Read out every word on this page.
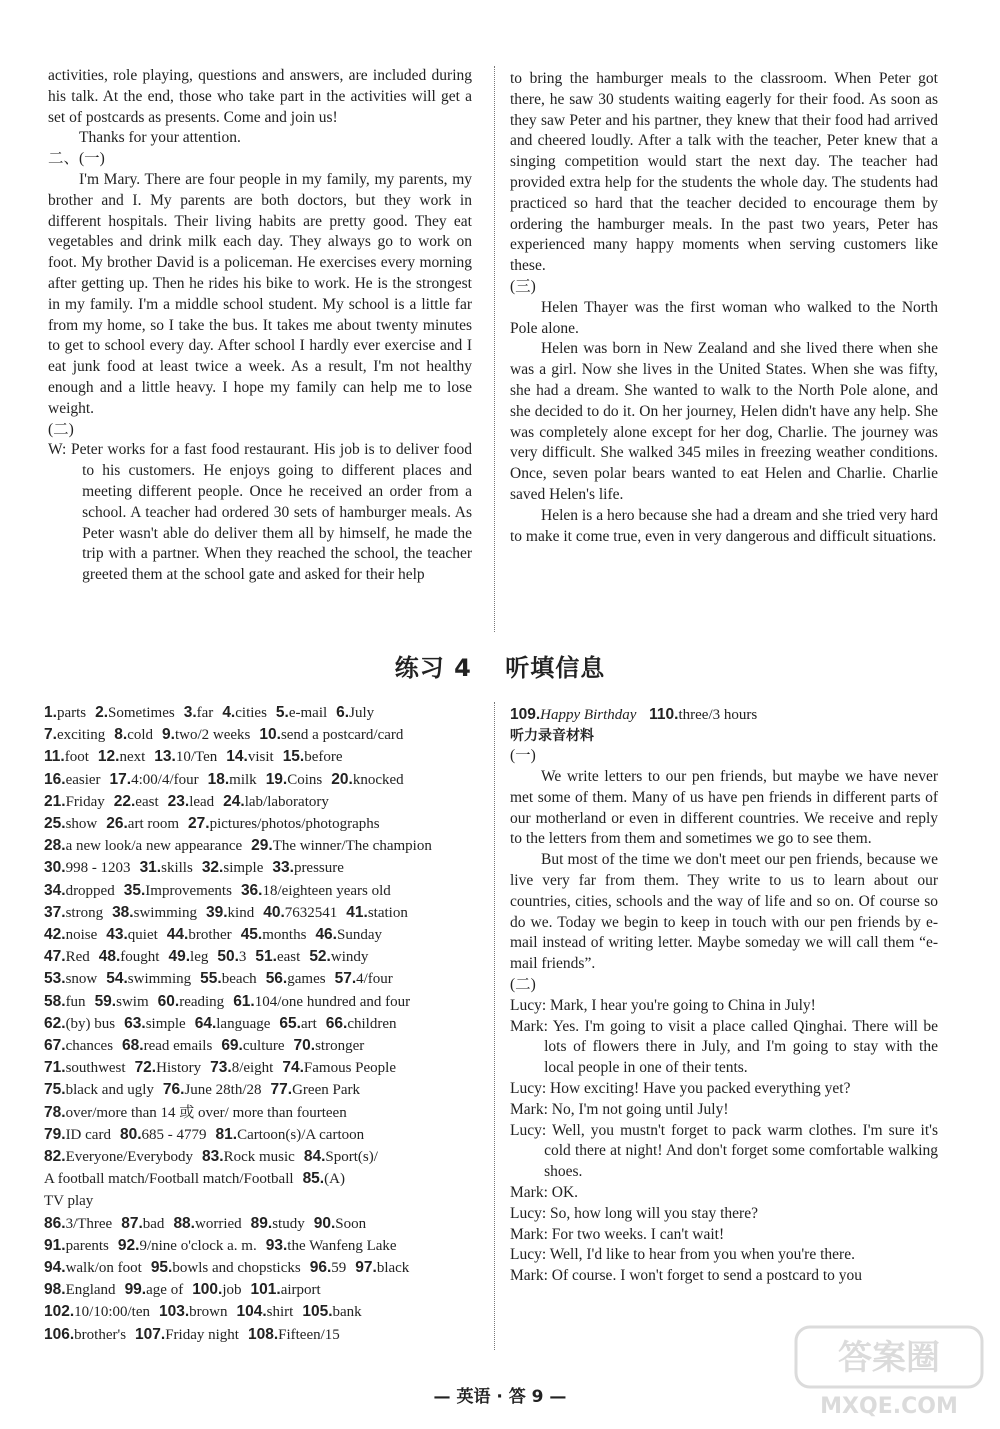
activities, role playing, questions and answers, are included during his talk. At the end, those who take part in the activities will get a set of postcards as presents. Come and join us!

Thanks for your attention.

二、(一)

I'm Mary. There are four people in my family, my parents, my brother and I. My parents are both doctors, but they work in different hospitals. Their living habits are pretty good. They eat vegetables and drink milk each day. They always go to work on foot. My brother David is a policeman. He exercises every morning after getting up. Then he rides his bike to work. He is the strongest in my family. I'm a middle school student. My school is a little far from my home, so I take the bus. It takes me about twenty minutes to get to school every day. After school I hardly ever exercise and I eat junk food at least twice a week. As a result, I'm not healthy enough and a little heavy. I hope my family can help me to lose weight.

(二)

W: Peter works for a fast food restaurant. His job is to deliver food to his customers. He enjoys going to different places and meeting different people. Once he received an order from a school. A teacher had ordered 30 sets of hamburger meals. As Peter wasn't able do deliver them all by himself, he made the trip with a partner. When they reached the school, the teacher greeted them at the school gate and asked for their help

to bring the hamburger meals to the classroom. When Peter got there, he saw 30 students waiting eagerly for their food. As soon as they saw Peter and his partner, they knew that their food had arrived and cheered loudly. After a talk with the teacher, Peter knew that a singing competition would start the next day. The teacher had provided extra help for the students the whole day. The students had practiced so hard that the teacher decided to encourage them by ordering the hamburger meals. In the past two years, Peter has experienced many happy moments when serving customers like these.

(三)

Helen Thayer was the first woman who walked to the North Pole alone.

Helen was born in New Zealand and she lived there when she was a girl. Now she lives in the United States. When she was fifty, she had a dream. She wanted to walk to the North Pole alone, and she decided to do it. On her journey, Helen didn't have any help. She was completely alone except for her dog, Charlie. The journey was very difficult. She walked 345 miles in freezing weather conditions. Once, seven polar bears wanted to eat Helen and Charlie. Charlie saved Helen's life.

Helen is a hero because she had a dream and she tried very hard to make it come true, even in very dangerous and difficult situations.

练习 4 听填信息

1.parts 2.Sometimes 3.far 4.cities 5.e-mail 6.July

7.exciting 8.cold 9.two/2 weeks 10.send a postcard/card

11.foot 12.next 13.10/Ten 14.visit 15.before

16.easier 17.4:00/4/four 18.milk 19.Coins 20.knocked

21.Friday 22.east 23.lead 24.lab/laboratory

25.show 26.art room 27.pictures/photos/photographs

28.a new look/a new appearance 29.The winner/The champion

30.998 - 1203 31.skills 32.simple 33.pressure

34.dropped 35.Improvements 36.18/eighteen years old

37.strong 38.swimming 39.kind 40.7632541 41.station

42.noise 43.quiet 44.brother 45.months 46.Sunday

47.Red 48.fought 49.leg 50.3 51.east 52.windy

53.snow 54.swimming 55.beach 56.games 57.4/four

58.fun 59.swim 60.reading 61.104/one hundred and four

62.(by) bus 63.simple 64.language 65.art 66.children

67.chances 68.read emails 69.culture 70.stronger

71.southwest 72.History 73.8/eight 74.Famous People

75.black and ugly 76.June 28th/28 77.Green Park

78.over/more than 14 或 over/ more than fourteen

79.ID card 80.685 - 4779 81.Cartoon(s)/A cartoon

82.Everyone/Everybody 83.Rock music 84.Sport(s)/

A football match/Football match/Football 85.(A)

TV play

86.3/Three 87.bad 88.worried 89.study 90.Soon

91.parents 92.9/nine o'clock a. m. 93.the Wanfeng Lake

94.walk/on foot 95.bowls and chopsticks 96.59 97.black

98.England 99.age of 100.job 101.airport

102.10/10:00/ten 103.brown 104.shirt 105.bank

106.brother's 107.Friday night 108.Fifteen/15

109.Happy Birthday 110.three/3 hours

听力录音材料

(一)

We write letters to our pen friends, but maybe we have never met some of them. Many of us have pen friends in different parts of our motherland or even in different countries. We receive and reply to the letters from them and sometimes we go to see them.

But most of the time we don't meet our pen friends, because we live very far from them. They write to us to learn about our countries, cities, schools and the way of life and so on. Of course so do we. Today we begin to keep in touch with our pen friends by e-mail instead of writing letter. Maybe someday we will call them “e-mail friends”.

(二)

Lucy: Mark, I hear you're going to China in July!

Mark: Yes. I'm going to visit a place called Qinghai. There will be lots of flowers there in July, and I'm going to stay with the local people in one of their tents.

Lucy: How exciting! Have you packed everything yet?

Mark: No, I'm not going until July!

Lucy: Well, you mustn't forget to pack warm clothes. I'm sure it's cold there at night! And don't forget some comfortable walking shoes.

Mark: OK.

Lucy: So, how long will you stay there?

Mark: For two weeks. I can't wait!

Lucy: Well, I'd like to hear from you when you're there.

Mark: Of course. I won't forget to send a postcard to you

— 英语 · 答 9 —
答案圈
MXQE.COM
